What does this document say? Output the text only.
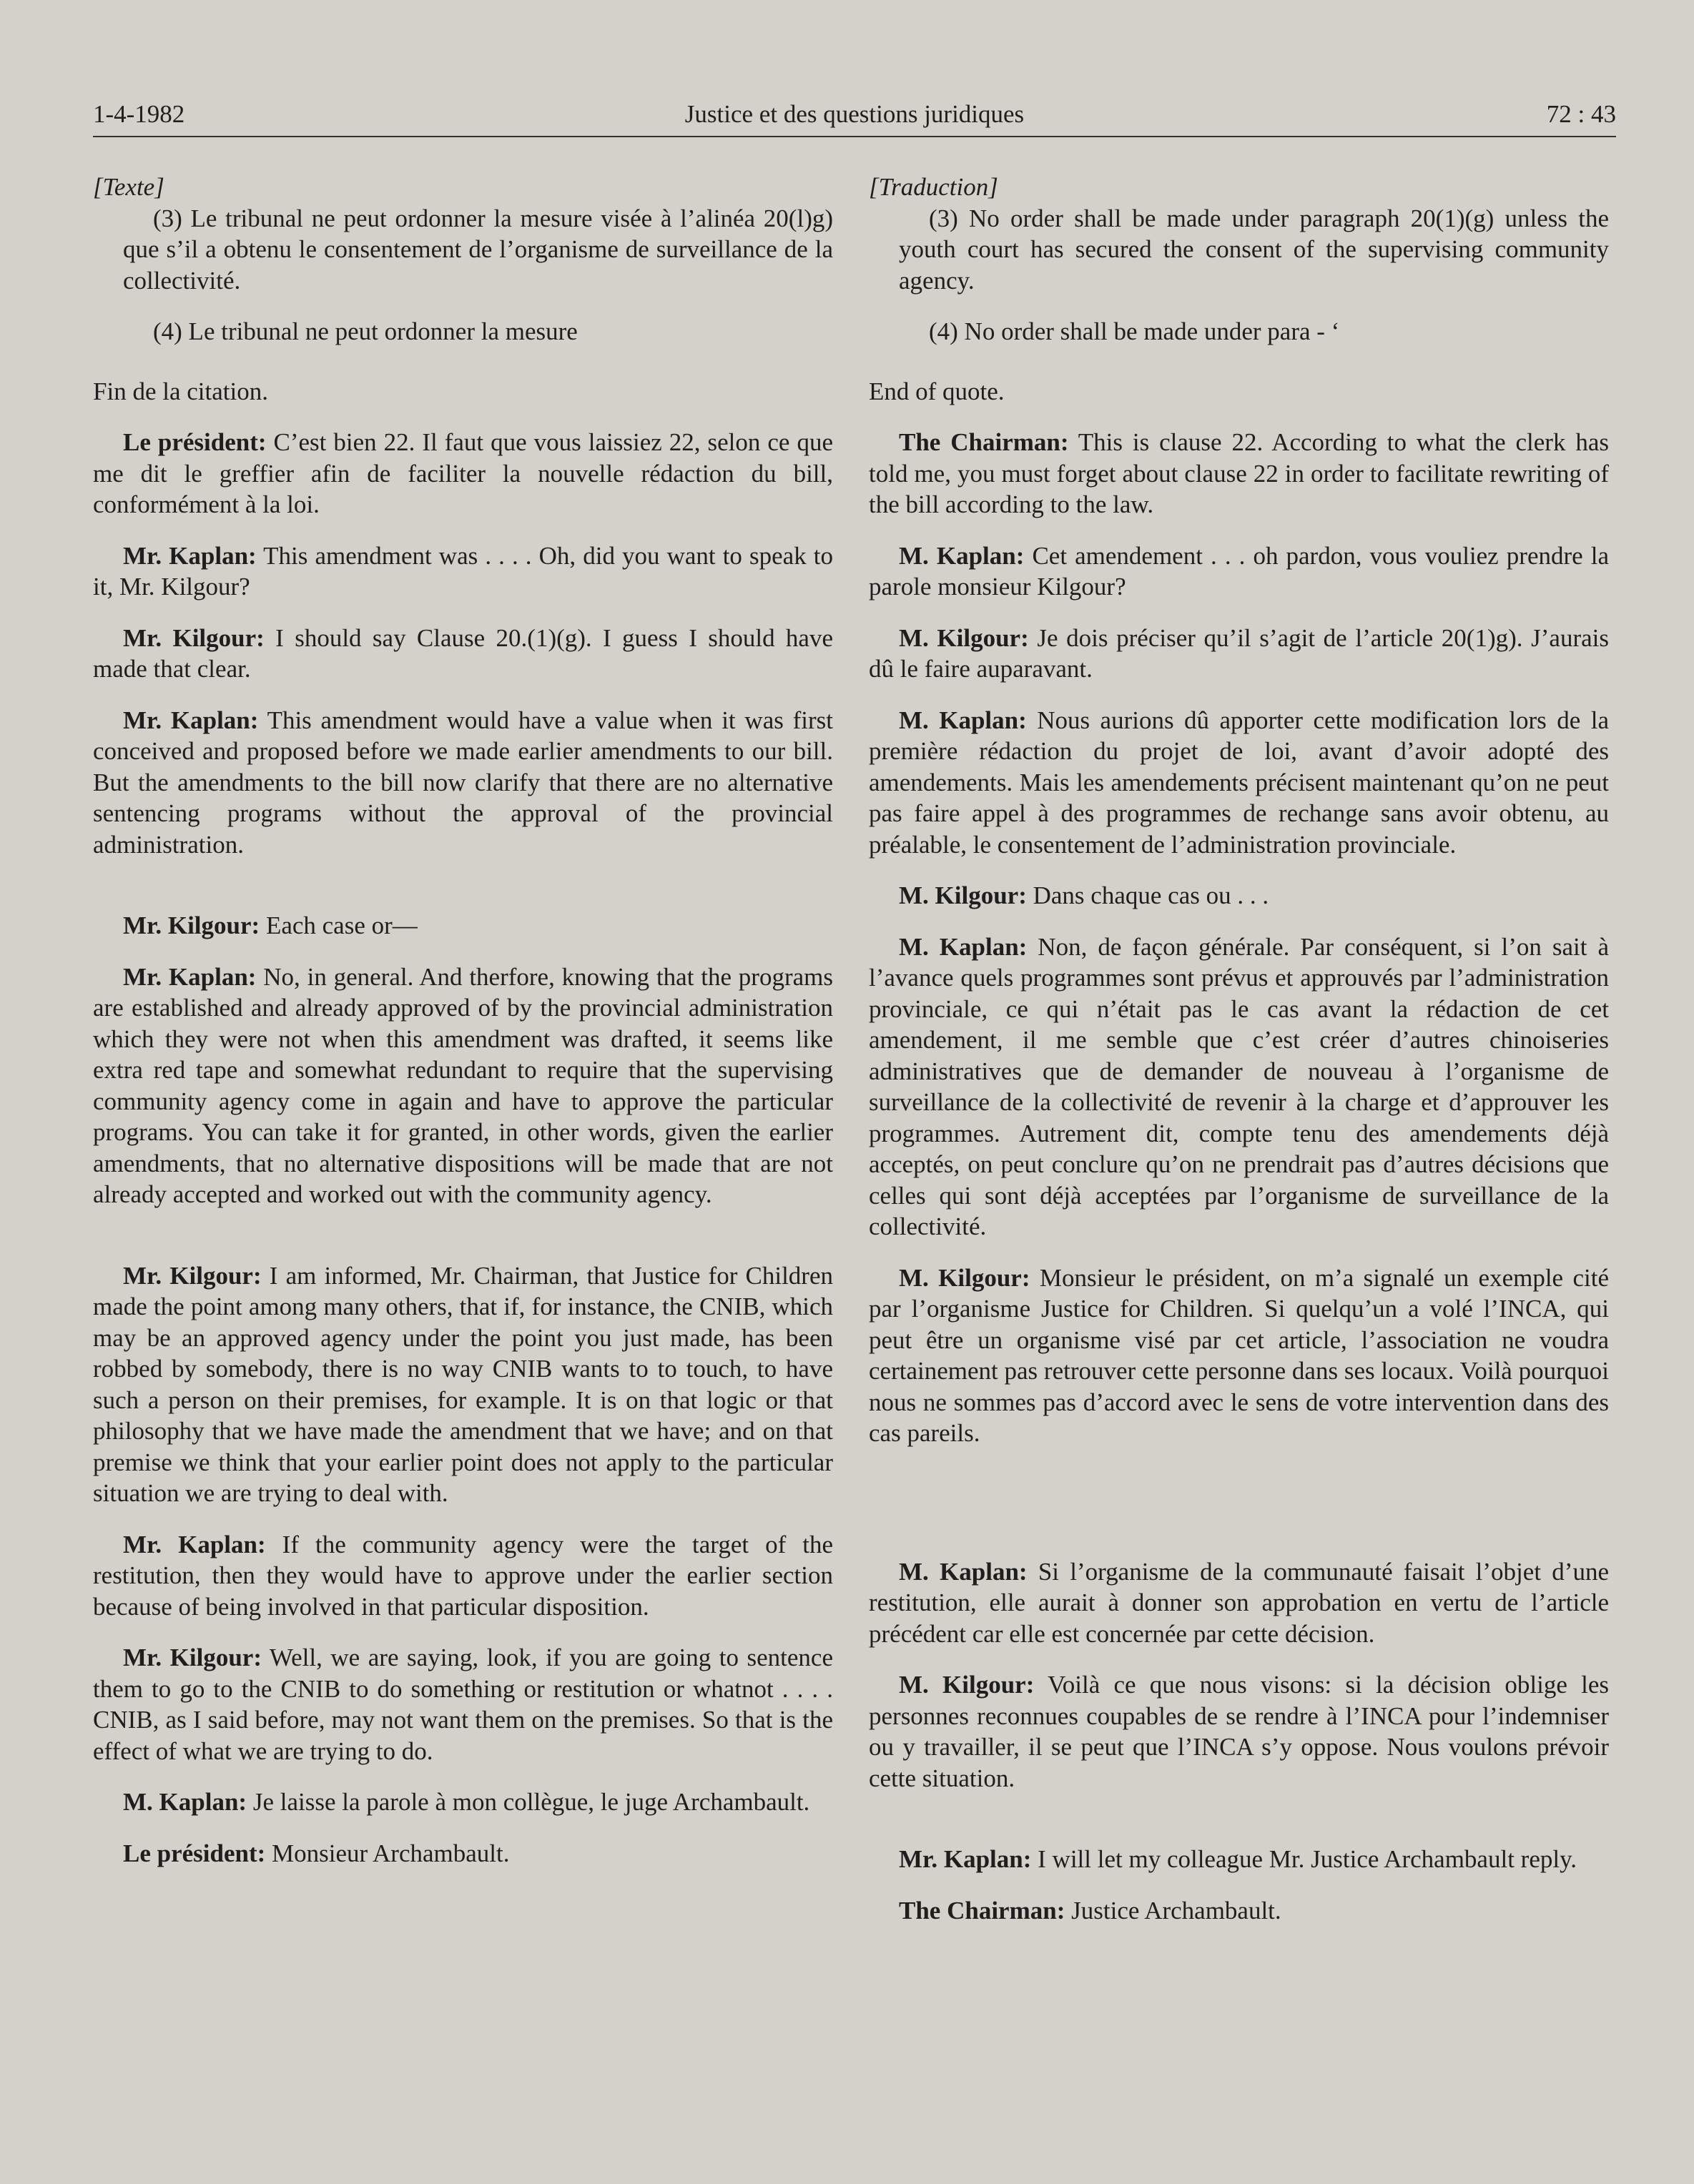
1-4-1982	Justice et des questions juridiques	72 : 43

[Texte]

(3) Le tribunal ne peut ordonner la mesure visée à l’alinéa 20(l)g) que s’il a obtenu le consentement de l’organisme de surveillance de la collectivité.

(4) Le tribunal ne peut ordonner la mesure

Fin de la citation.

Le président: C’est bien 22. Il faut que vous laissiez 22, selon ce que me dit le greffier afin de faciliter la nouvelle rédaction du bill, conformément à la loi.

Mr. Kaplan: This amendment was . . . . Oh, did you want to speak to it, Mr. Kilgour?

Mr. Kilgour: I should say Clause 20.(1)(g). I guess I should have made that clear.

Mr. Kaplan: This amendment would have a value when it was first conceived and proposed before we made earlier amendments to our bill. But the amendments to the bill now clarify that there are no alternative sentencing programs without the approval of the provincial administration.

Mr. Kilgour: Each case or—

Mr. Kaplan: No, in general. And therfore, knowing that the programs are established and already approved of by the provincial administration which they were not when this amendment was drafted, it seems like extra red tape and somewhat redundant to require that the supervising community agency come in again and have to approve the particular programs. You can take it for granted, in other words, given the earlier amendments, that no alternative dispositions will be made that are not already accepted and worked out with the community agency.

Mr. Kilgour: I am informed, Mr. Chairman, that Justice for Children made the point among many others, that if, for instance, the CNIB, which may be an approved agency under the point you just made, has been robbed by somebody, there is no way CNIB wants to to touch, to have such a person on their premises, for example. It is on that logic or that philosophy that we have made the amendment that we have; and on that premise we think that your earlier point does not apply to the particular situation we are trying to deal with.

Mr. Kaplan: If the community agency were the target of the restitution, then they would have to approve under the earlier section because of being involved in that particular disposition.

Mr. Kilgour: Well, we are saying, look, if you are going to sentence them to go to the CNIB to do something or restitution or whatnot . . . . CNIB, as I said before, may not want them on the premises. So that is the effect of what we are trying to do.

M. Kaplan: Je laisse la parole à mon collègue, le juge Archambault.

Le président: Monsieur Archambault.

[Traduction]

(3) No order shall be made under paragraph 20(1)(g) unless the youth court has secured the consent of the supervising community agency.

(4) No order shall be made under para - ‘

End of quote.

The Chairman: This is clause 22. According to what the clerk has told me, you must forget about clause 22 in order to facilitate rewriting of the bill according to the law.

M. Kaplan: Cet amendement . . . oh pardon, vous vouliez prendre la parole monsieur Kilgour?

M. Kilgour: Je dois préciser qu’il s’agit de l’article 20(1)g). J’aurais dû le faire auparavant.

M. Kaplan: Nous aurions dû apporter cette modification lors de la première rédaction du projet de loi, avant d’avoir adopté des amendements. Mais les amendements précisent maintenant qu’on ne peut pas faire appel à des programmes de rechange sans avoir obtenu, au préalable, le consentement de l’administration provinciale.

M. Kilgour: Dans chaque cas ou . . .

M. Kaplan: Non, de façon générale. Par conséquent, si l’on sait à l’avance quels programmes sont prévus et approuvés par l’administration provinciale, ce qui n’était pas le cas avant la rédaction de cet amendement, il me semble que c’est créer d’autres chinoiseries administratives que de demander de nouveau à l’organisme de surveillance de la collectivité de revenir à la charge et d’approuver les programmes. Autrement dit, compte tenu des amendements déjà acceptés, on peut conclure qu’on ne prendrait pas d’autres décisions que celles qui sont déjà acceptées par l’organisme de surveillance de la collectivité.

M. Kilgour: Monsieur le président, on m’a signalé un exemple cité par l’organisme Justice for Children. Si quelqu’un a volé l’INCA, qui peut être un organisme visé par cet article, l’association ne voudra certainement pas retrouver cette personne dans ses locaux. Voilà pourquoi nous ne sommes pas d’accord avec le sens de votre intervention dans des cas pareils.

M. Kaplan: Si l’organisme de la communauté faisait l’objet d’une restitution, elle aurait à donner son approbation en vertu de l’article précédent car elle est concernée par cette décision.

M. Kilgour: Voilà ce que nous visons: si la décision oblige les personnes reconnues coupables de se rendre à l’INCA pour l’indemniser ou y travailler, il se peut que l’INCA s’y oppose. Nous voulons prévoir cette situation.

Mr. Kaplan: I will let my colleague Mr. Justice Archambault reply.

The Chairman: Justice Archambault.
